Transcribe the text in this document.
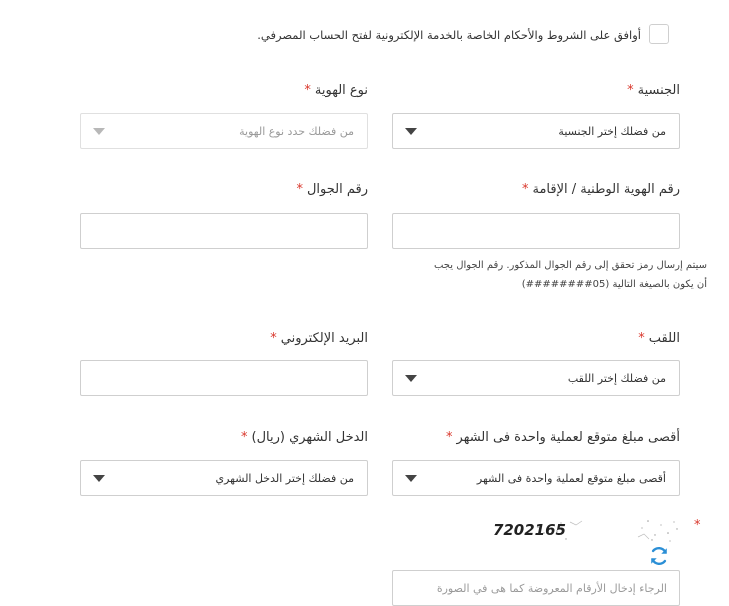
أوافق على الشروط والأحكام الخاصة بالخدمة الإلكترونية لفتح الحساب المصرفي.
الجنسية*
من فضلك إختر الجنسية
نوع الهوية*
من فضلك حدد نوع الهوية
رقم الهوية الوطنية / الإقامة*
رقم الجوال*
سيتم إرسال رمز تحقق إلى رقم الجوال المذكور. رقم الجوال يجب
أن يكون بالصيغة التالية (05########)
اللقب*
من فضلك إختر اللقب
البريد الإلكتروني*
أقصى مبلغ متوقع لعملية واحدة فى الشهر*
أقصى مبلغ متوقع لعملية واحدة فى الشهر
الدخل الشهري (ريال)*
من فضلك إختر الدخل الشهري
7202165	*
الرجاء إدخال الأرقام المعروضة كما هى في الصورة
